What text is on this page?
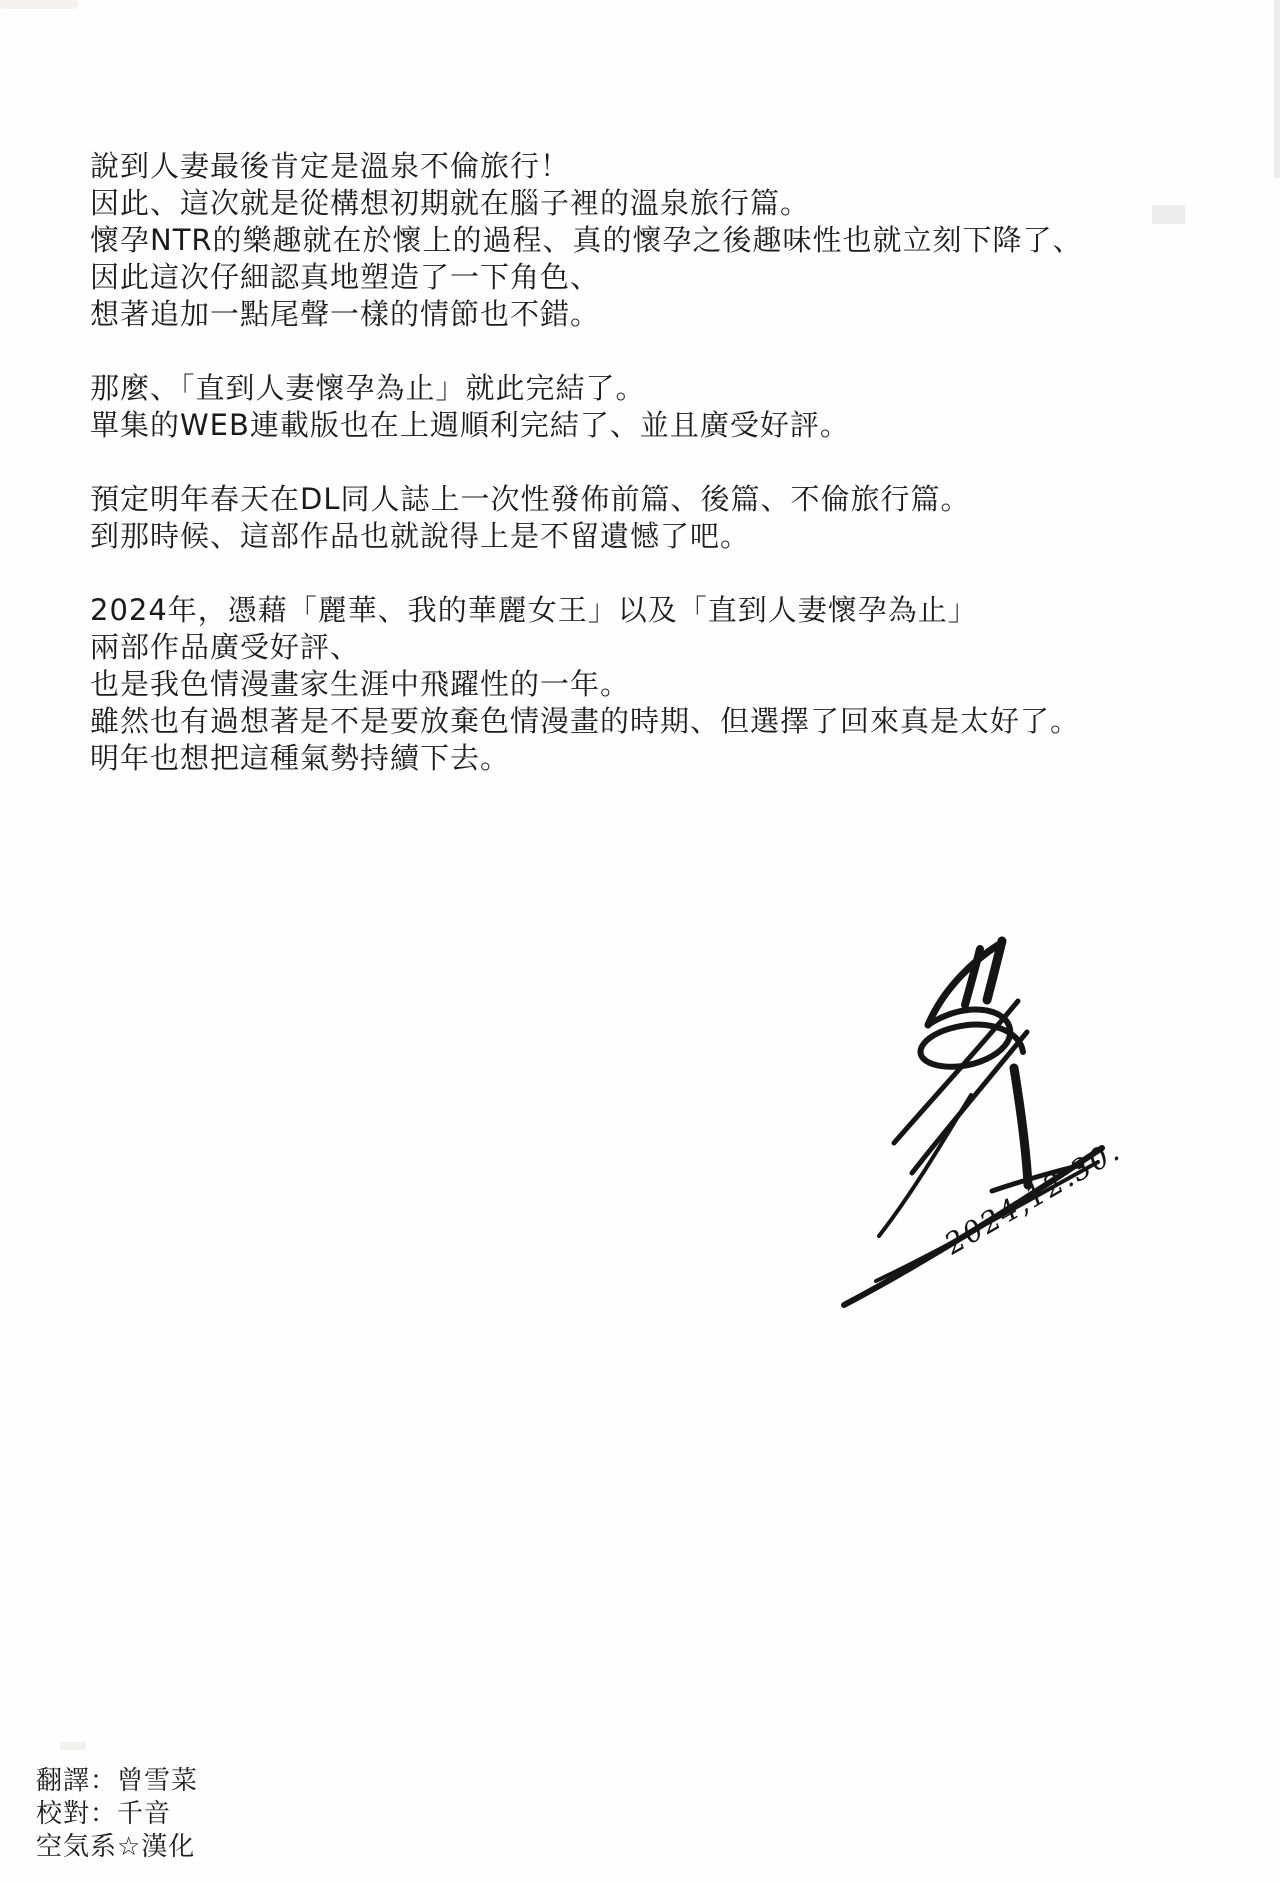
說到人妻最後肯定是溫泉不倫旅行！
因此、這次就是從構想初期就在腦子裡的溫泉旅行篇。
懷孕NTR的樂趣就在於懷上的過程、真的懷孕之後趣味性也就立刻下降了、
因此這次仔細認真地塑造了一下角色、
想著追加一點尾聲一樣的情節也不錯。
那麼、「直到人妻懷孕為止」就此完結了。
單集的WEB連載版也在上週順利完結了、並且廣受好評。
預定明年春天在DL同人誌上一次性發佈前篇、後篇、不倫旅行篇。
到那時候、這部作品也就說得上是不留遺憾了吧。
2024年，憑藉「麗華、我的華麗女王」以及「直到人妻懷孕為止」
兩部作品廣受好評、
也是我色情漫畫家生涯中飛躍性的一年。
雖然也有過想著是不是要放棄色情漫畫的時期、但選擇了回來真是太好了。
明年也想把這種氣勢持續下去。
2024,12.30.
翻譯：曾雪菜
校對：千音
空気系☆漢化
